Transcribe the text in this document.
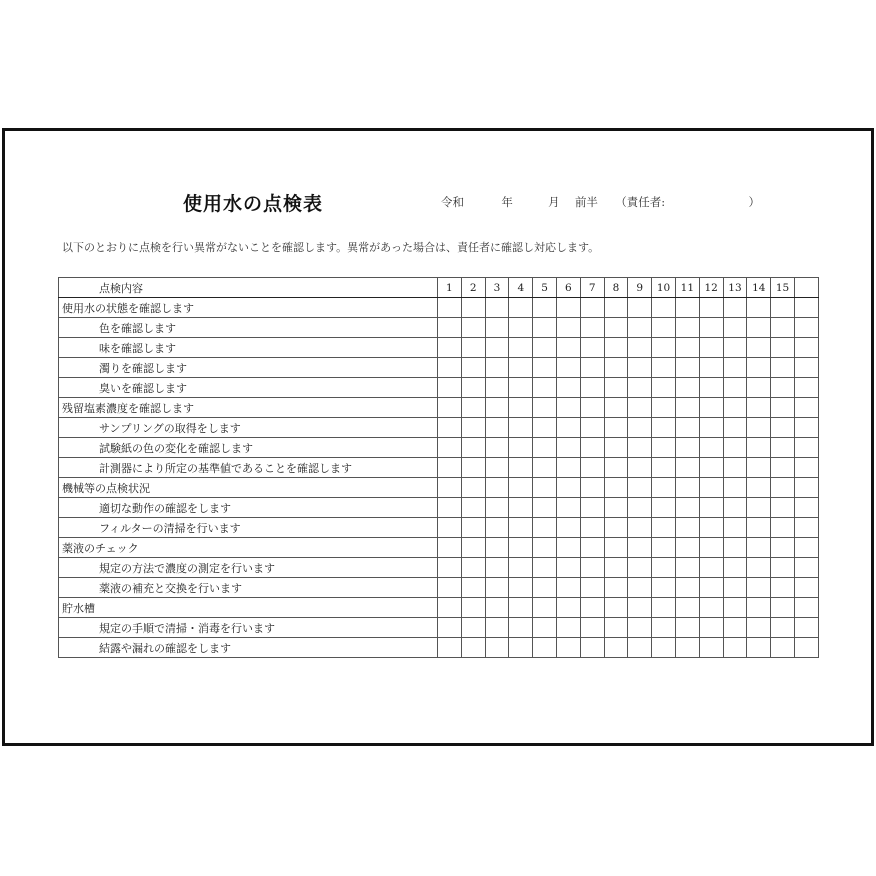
使用水の点検表	令和	年	月 前半 （責任者:	）
以下のとおりに点検を行い異常がないことを確認します。異常があった場合は、責任者に確認し対応します。
点検内容	1	2	3	4	5	6	7	8	9	10	11	12	13	14	15	
使用水の状態を確認します																
色を確認します																
味を確認します																
濁りを確認します																
臭いを確認します																
残留塩素濃度を確認します																
サンプリングの取得をします																
試験紙の色の変化を確認します																
計測器により所定の基準値であることを確認します																
機械等の点検状況																
適切な動作の確認をします																
フィルターの清掃を行います																
薬液のチェック																
規定の方法で濃度の測定を行います																
薬液の補充と交換を行います																
貯水槽																
規定の手順で清掃・消毒を行います																
結露や漏れの確認をします																
